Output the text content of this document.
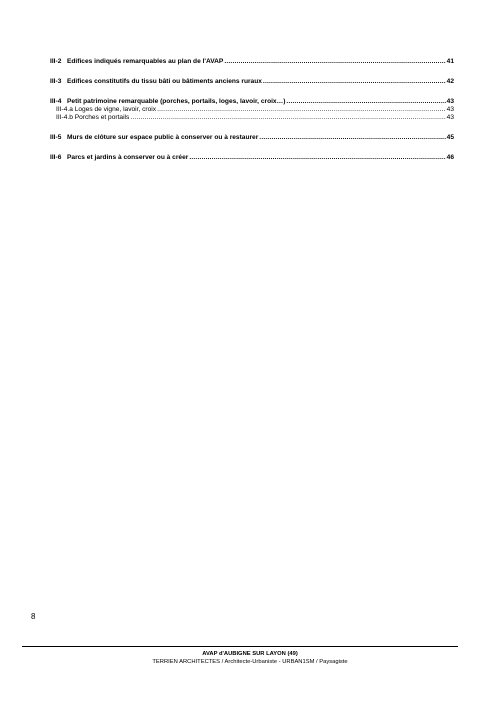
III-2 Edifices indiqués remarquables au plan de l'AVAP .....	41
III-3 Edifices constitutifs du tissu bâti ou bâtiments anciens ruraux .....	42
III-4 Petit patrimoine remarquable (porches, portails, loges, lavoir, croix…) .....	43
III-4.a Loges de vigne, lavoir, croix .....	43
III-4.b Porches et portails .....	43
III-5 Murs de clôture sur espace public à conserver ou à restaurer .....	45
III-6 Parcs et jardins à conserver ou à créer .....	46
8
AVAP d'AUBIGNE SUR LAYON (49)
TERRIEN ARCHITECTES / Architecte-Urbaniste - URBAN1SM / Paysagiste
